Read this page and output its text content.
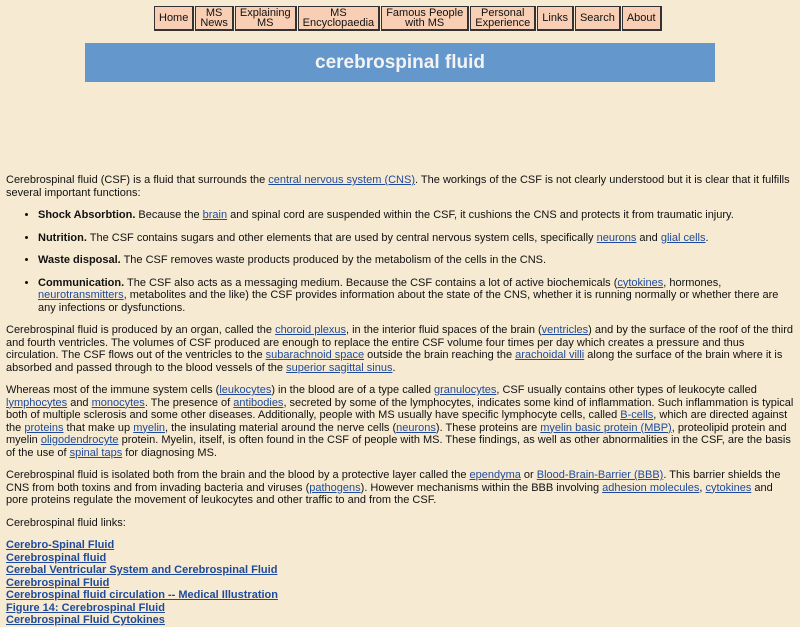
Home	MS
News
Explaining
MS
MS
Encyclopaedia
Famous People
with MS
Personal
Experience	Links	Search	About
cerebrospinal fluid

Cerebrospinal fluid (CSF) is a fluid that surrounds the central nervous system (CNS). The workings of the CSF is not clearly understood but it is clear that it fulfills several important functions:

• Shock Absorbtion. Because the brain and spinal cord are suspended within the CSF, it cushions the CNS and protects it from traumatic injury.
• Nutrition. The CSF contains sugars and other elements that are used by central nervous system cells, specifically neurons and glial cells.
• Waste disposal. The CSF removes waste products produced by the metabolism of the cells in the CNS.
• Communication. The CSF also acts as a messaging medium. Because the CSF contains a lot of active biochemicals (cytokines, hormones, neurotransmitters, metabolites and the like) the CSF provides information about the state of the CNS, whether it is running normally or whether there are any infections or dysfunctions.

Cerebrospinal fluid is produced by an organ, called the choroid plexus, in the interior fluid spaces of the brain (ventricles) and by the surface of the roof of the third and fourth ventricles. The volumes of CSF produced are enough to replace the entire CSF volume four times per day which creates a pressure and thus circulation. The CSF flows out of the ventricles to the subarachnoid space outside the brain reaching the arachoidal villi along the surface of the brain where it is absorbed and passed through to the blood vessels of the superior sagittal sinus.

Whereas most of the immune system cells (leukocytes) in the blood are of a type called granulocytes, CSF usually contains other types of leukocyte called lymphocytes and monocytes. The presence of antibodies, secreted by some of the lymphocytes, indicates some kind of inflammation. Such inflammation is typical both of multiple sclerosis and some other diseases. Additionally, people with MS usually have specific lymphocyte cells, called B-cells, which are directed against the proteins that make up myelin, the insulating material around the nerve cells (neurons). These proteins are myelin basic protein (MBP), proteolipid protein and myelin oligodendrocyte protein. Myelin, itself, is often found in the CSF of people with MS. These findings, as well as other abnormalities in the CSF, are the basis of the use of spinal taps for diagnosing MS.

Cerebrospinal fluid is isolated both from the brain and the blood by a protective layer called the ependyma or Blood-Brain-Barrier (BBB). This barrier shields the CNS from both toxins and from invading bacteria and viruses (pathogens). However mechanisms within the BBB involving adhesion molecules, cytokines and pore proteins regulate the movement of leukocytes and other traffic to and from the CSF.

Cerebrospinal fluid links:

Cerebro-Spinal Fluid
Cerebrospinal fluid
Cerebal Ventricular System and Cerebrospinal Fluid
Cerebrospinal Fluid
Cerebrospinal fluid circulation -- Medical Illustration
Figure 14: Cerebrospinal Fluid
Cerebrospinal Fluid Cytokines
